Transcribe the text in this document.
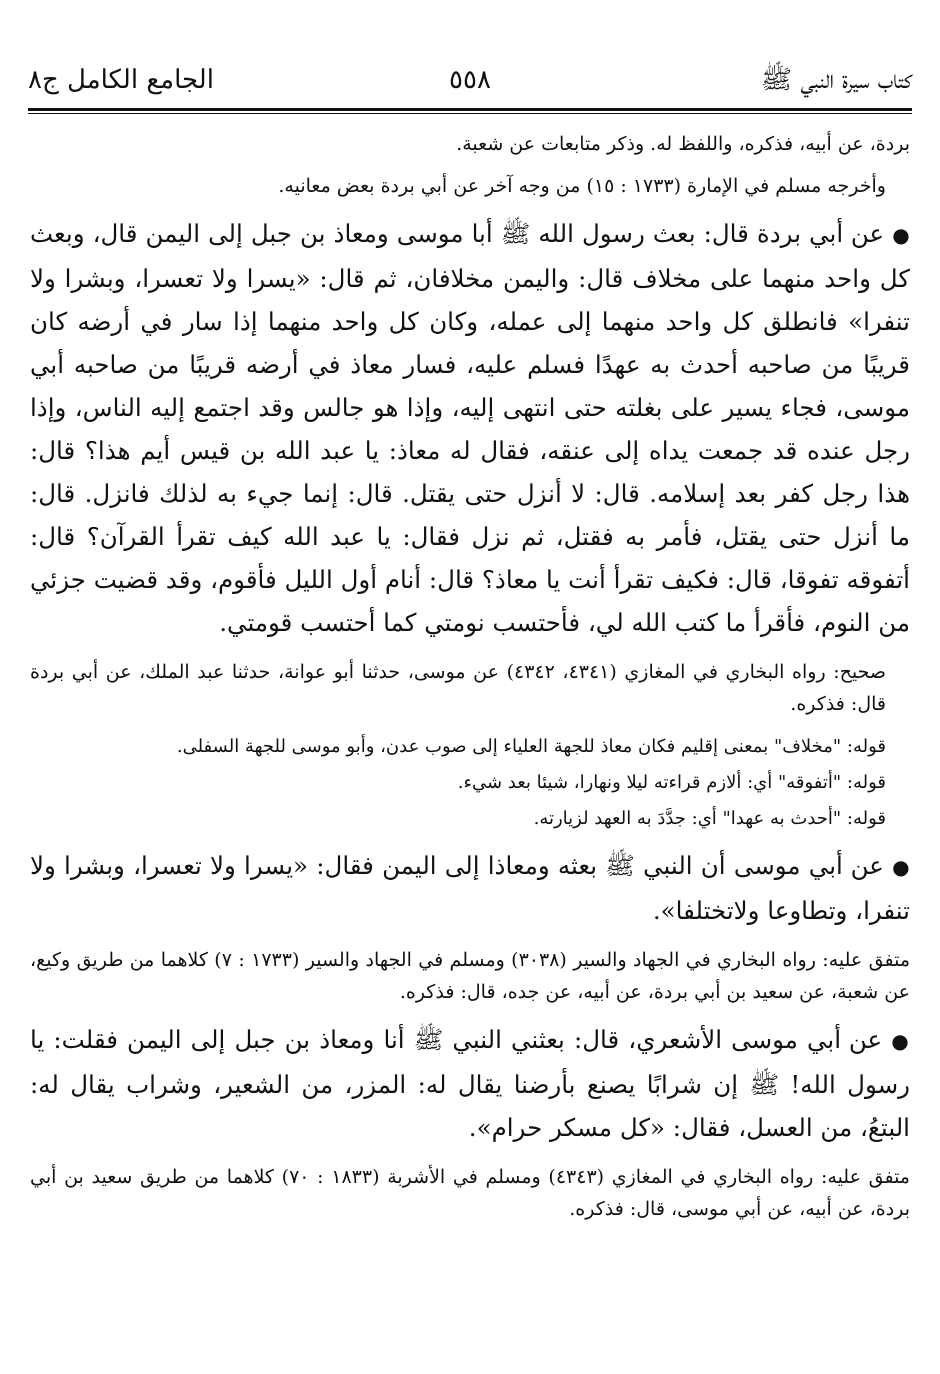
كتاب سيرة النبي ﷺ
٥٥٨
الجامع الكامل ج٨

بردة، عن أبيه، فذكره، واللفظ له. وذكر متابعات عن شعبة.

وأخرجه مسلم في الإمارة (١٧٣٣ : ١٥) من وجه آخر عن أبي بردة بعض معانيه.

● عن أبي بردة قال: بعث رسول الله ﷺ أبا موسى ومعاذ بن جبل إلى اليمن قال، وبعث كل واحد منهما على مخلاف قال: واليمن مخلافان، ثم قال: «يسرا ولا تعسرا، وبشرا ولا تنفرا» فانطلق كل واحد منهما إلى عمله، وكان كل واحد منهما إذا سار في أرضه كان قريبًا من صاحبه أحدث به عهدًا فسلم عليه، فسار معاذ في أرضه قريبًا من صاحبه أبي موسى، فجاء يسير على بغلته حتى انتهى إليه، وإذا هو جالس وقد اجتمع إليه الناس، وإذا رجل عنده قد جمعت يداه إلى عنقه، فقال له معاذ: يا عبد الله بن قيس أيم هذا؟ قال: هذا رجل كفر بعد إسلامه. قال: لا أنزل حتى يقتل. قال: إنما جيء به لذلك فانزل. قال: ما أنزل حتى يقتل، فأمر به فقتل، ثم نزل فقال: يا عبد الله كيف تقرأ القرآن؟ قال: أتفوقه تفوقا، قال: فكيف تقرأ أنت يا معاذ؟ قال: أنام أول الليل فأقوم، وقد قضيت جزئي من النوم، فأقرأ ما كتب الله لي، فأحتسب نومتي كما أحتسب قومتي.

صحيح: رواه البخاري في المغازي (٤٣٤١، ٤٣٤٢) عن موسى، حدثنا أبو عوانة، حدثنا عبد الملك، عن أبي بردة قال: فذكره.

قوله: "مخلاف" بمعنى إقليم فكان معاذ للجهة العلياء إلى صوب عدن، وأبو موسى للجهة السفلى.

قوله: "أتفوقه" أي: ألازم قراءته ليلا ونهارا، شيئا بعد شيء.

قوله: "أحدث به عهدا" أي: جدَّدَ به العهد لزيارته.

● عن أبي موسى أن النبي ﷺ بعثه ومعاذا إلى اليمن فقال: «يسرا ولا تعسرا، وبشرا ولا تنفرا، وتطاوعا ولاتختلفا».

متفق عليه: رواه البخاري في الجهاد والسير (٣٠٣٨) ومسلم في الجهاد والسير (١٧٣٣ : ٧) كلاهما من طريق وكيع، عن شعبة، عن سعيد بن أبي بردة، عن أبيه، عن جده، قال: فذكره.

● عن أبي موسى الأشعري، قال: بعثني النبي ﷺ أنا ومعاذ بن جبل إلى اليمن فقلت: يا رسول الله! ﷺ إن شرابًا يصنع بأرضنا يقال له: المزر، من الشعير، وشراب يقال له: البتعُ، من العسل، فقال: «كل مسكر حرام».

متفق عليه: رواه البخاري في المغازي (٤٣٤٣) ومسلم في الأشربة (١٨٣٣ : ٧٠) كلاهما من طريق سعيد بن أبي بردة، عن أبيه، عن أبي موسى، قال: فذكره.
